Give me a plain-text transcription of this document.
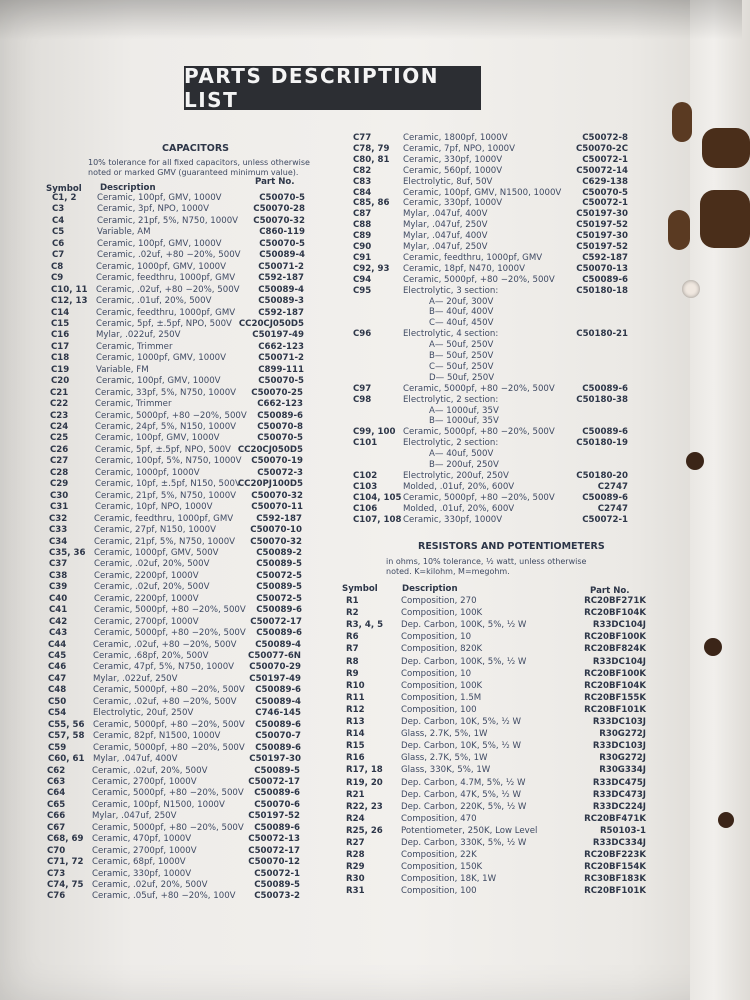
PARTS DESCRIPTION LIST
CAPACITORS
10% tolerance for all fixed capacitors, unless otherwise
noted or marked GMV (guaranteed minimum value).
Symbol Description
Part No.
C1, 2 Ceramic, 100pf, GMV, 1000V	C50070-5
C3	Ceramic, 3pf, NPO, 1000V	C50070-28
C4	Ceramic, 21pf, 5%, N750, 1000V C50070-32
C5	Variable, AM	C860-119
C6	Ceramic, 100pf, GMV, 1000V	C50070-5
C7	Ceramic, .02uf, +80 −20%, 500V C50089-4
C8	Ceramic, 1000pf, GMV, 1000V	C50071-2
C9	Ceramic, feedthru, 1000pf, GMV	C592-187
C10, 11 Ceramic, .02uf, +80 −20%, 500V C50089-4
C12, 13 Ceramic, .01uf, 20%, 500V	C50089-3
C14	Ceramic, feedthru, 1000pf, GMV	C592-187
C15	Ceramic, 5pf, ±.5pf, NPO, 500V CC20CJ050D5
C16	Mylar, .022uf, 250V	C50197-49
C17	Ceramic, Trimmer	C662-123
C18	Ceramic, 1000pf, GMV, 1000V	C50071-2
C19	Variable, FM	C899-111
C20	Ceramic, 100pf, GMV, 1000V	C50070-5
C21	Ceramic, 33pf, 5%, N750, 1000V C50070-25
C22	Ceramic, Trimmer	C662-123
C23	Ceramic, 5000pf, +80 −20%, 500V C50089-6
C24	Ceramic, 24pf, 5%, N150, 1000V C50070-8
C25	Ceramic, 100pf, GMV, 1000V	C50070-5
C26	Ceramic, 5pf, ±.5pf, NPO, 500V CC20CJ050D5
C27	Ceramic, 100pf, 5%, N750, 1000V C50070-19
C28	Ceramic, 1000pf, 1000V	C50072-3
C29	Ceramic, 10pf, ±.5pf, N150, 500V
CC20PJ100D5
C30	Ceramic, 21pf, 5%, N750, 1000V C50070-32
C31	Ceramic, 10pf, NPO, 1000V	C50070-11
C32	Ceramic, feedthru, 1000pf, GMV	C592-187
C33	Ceramic, 27pf, N150, 1000V	C50070-10
C34	Ceramic, 21pf, 5%, N750, 1000V C50070-32
C35, 36 Ceramic, 1000pf, GMV, 500V	C50089-2
C37	Ceramic, .02uf, 20%, 500V	C50089-5
C38	Ceramic, 2200pf, 1000V	C50072-5
C39	Ceramic, .02uf, 20%, 500V	C50089-5
C40	Ceramic, 2200pf, 1000V	C50072-5
C41	Ceramic, 5000pf, +80 −20%, 500V C50089-6
C42	Ceramic, 2700pf, 1000V	C50072-17
C43	Ceramic, 5000pf, +80 −20%, 500V C50089-6
C44	Ceramic, .02uf, +80 −20%, 500V C50089-4
C45	Ceramic, .68pf, 20%, 500V	C50077-6N
C46	Ceramic, 47pf, 5%, N750, 1000V C50070-29
C47	Mylar, .022uf, 250V	C50197-49
C48	Ceramic, 5000pf, +80 −20%, 500V C50089-6
C50	Ceramic, .02uf, +80 −20%, 500V C50089-4
C54	Electrolytic, 20uf, 250V	C746-145
C55, 56 Ceramic, 5000pf, +80 −20%, 500V C50089-6
C57, 58 Ceramic, 82pf, N1500, 1000V	C50070-7
C59	Ceramic, 5000pf, +80 −20%, 500V C50089-6
C60, 61 Mylar, .047uf, 400V	C50197-30
C62	Ceramic, .02uf, 20%, 500V	C50089-5
C63	Ceramic, 2700pf, 1000V	C50072-17
C64	Ceramic, 5000pf, +80 −20%, 500V C50089-6
C65	Ceramic, 100pf, N1500, 1000V	C50070-6
C66	Mylar, .047uf, 250V	C50197-52
C67	Ceramic, 5000pf, +80 −20%, 500V C50089-6
C68, 69 Ceramic, 470pf, 1000V	C50072-13
C70	Ceramic, 2700pf, 1000V	C50072-17
C71, 72 Ceramic, 68pf, 1000V	C50070-12
C73	Ceramic, 330pf, 1000V	C50072-1
C74, 75 Ceramic, .02uf, 20%, 500V	C50089-5
C76	Ceramic, .05uf, +80 −20%, 100V C50073-2
C77	Ceramic, 1800pf, 1000V	C50072-8
C78, 79 Ceramic, 7pf, NPO, 1000V	C50070-2C
C80, 81 Ceramic, 330pf, 1000V	C50072-1
C82	Ceramic, 560pf, 1000V	C50072-14
C83	Electrolytic, 8uf, 50V	C629-138
C84	Ceramic, 100pf, GMV, N1500, 1000V C50070-5
C85, 86 Ceramic, 330pf, 1000V	C50072-1
C87	Mylar, .047uf, 400V	C50197-30
C88	Mylar, .047uf, 250V	C50197-52
C89	Mylar, .047uf, 400V	C50197-30
C90	Mylar, .047uf, 250V	C50197-52
C91	Ceramic, feedthru, 1000pf, GMV	C592-187
C92, 93 Ceramic, 18pf, N470, 1000V	C50070-13
C94	Ceramic, 5000pf, +80 −20%, 500V	C50089-6
C95	Electrolytic, 3 section:	C50180-18
A— 20uf, 300V
B— 40uf, 400V
C— 40uf, 450V
C96	Electrolytic, 4 section:	C50180-21
A— 50uf, 250V
B— 50uf, 250V
C— 50uf, 250V
D— 50uf, 250V
C97	Ceramic, 5000pf, +80 −20%, 500V	C50089-6
C98	Electrolytic, 2 section:	C50180-38
A— 1000uf, 35V
B— 1000uf, 35V
C99, 100 Ceramic, 5000pf, +80 −20%, 500V	C50089-6
C101	Electrolytic, 2 section:	C50180-19
A— 40uf, 500V
B— 200uf, 250V
C102	Electrolytic, 200uf, 250V	C50180-20
C103	Molded, .01uf, 20%, 600V	C2747
C104, 105 Ceramic, 5000pf, +80 −20%, 500V	C50089-6
C106	Molded, .01uf, 20%, 600V	C2747
C107, 108 Ceramic, 330pf, 1000V	C50072-1
RESISTORS AND POTENTIOMETERS
in ohms, 10% tolerance, ½ watt, unless otherwise
noted. K=kilohm, M=megohm.
Symbol	Description	Part No.
R1	Composition, 270	RC20BF271K
R2	Composition, 100K	RC20BF104K
R3, 4, 5 Dep. Carbon, 100K, 5%, ½ W	R33DC104J
R6	Composition, 10	RC20BF100K
R7	Composition, 820K	RC20BF824K
R8	Dep. Carbon, 100K, 5%, ½ W	R33DC104J
R9	Composition, 10	RC20BF100K
R10	Composition, 100K	RC20BF104K
R11	Composition, 1.5M	RC20BF155K
R12	Composition, 100	RC20BF101K
R13	Dep. Carbon, 10K, 5%, ½ W	R33DC103J
R14	Glass, 2.7K, 5%, 1W	R30G272J
R15	Dep. Carbon, 10K, 5%, ½ W	R33DC103J
R16	Glass, 2.7K, 5%, 1W	R30G272J
R17, 18 Glass, 330K, 5%, 1W	R30G334J
R19, 20 Dep. Carbon, 4.7M, 5%, ½ W	R33DC475J
R21	Dep. Carbon, 47K, 5%, ½ W	R33DC473J
R22, 23 Dep. Carbon, 220K, 5%, ½ W	R33DC224J
R24	Composition, 470	RC20BF471K
R25, 26 Potentiometer, 250K, Low Level	R50103-1
R27	Dep. Carbon, 330K, 5%, ½ W	R33DC334J
R28	Composition, 22K	RC20BF223K
R29	Composition, 150K	RC20BF154K
R30	Composition, 18K, 1W	RC30BF183K
R31	Composition, 100	RC20BF101K
